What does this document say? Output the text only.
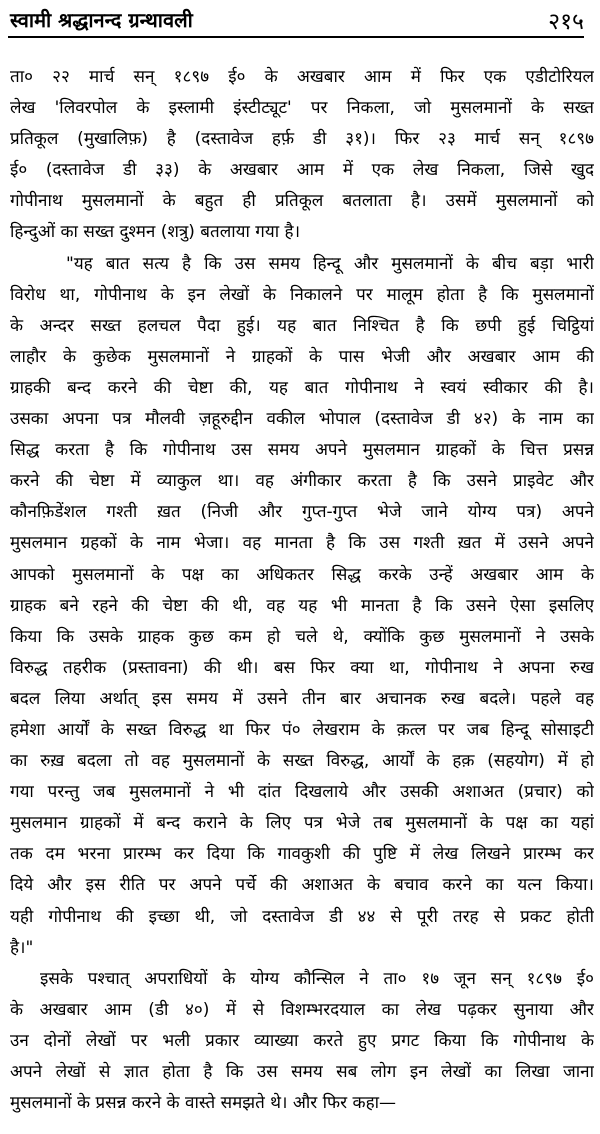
स्वामी श्रद्धानन्द ग्रन्थावली	२१५
ता० २२ मार्च सन् १८९७ ई० के अखबार आम में फिर एक एडीटोरियल
लेख 'लिवरपोल के इस्लामी इंस्टीट्यूट' पर निकला, जो मुसलमानों के सख्त
प्रतिकूल (मुखालिफ़) है (दस्तावेज हर्फ़ डी ३१)। फिर २३ मार्च सन् १८९७
ई० (दस्तावेज डी ३३) के अखबार आम में एक लेख निकला, जिसे खुद
गोपीनाथ मुसलमानों के बहुत ही प्रतिकूल बतलाता है। उसमें मुसलमानों को
हिन्दुओं का सख्त दुश्मन (शत्रु) बतलाया गया है।
"यह बात सत्य है कि उस समय हिन्दू और मुसलमानों के बीच बड़ा भारी
विरोध था, गोपीनाथ के इन लेखों के निकालने पर मालूम होता है कि मुसलमानों
के अन्दर सख्त हलचल पैदा हुई। यह बात निश्चित है कि छपी हुई चिट्ठियां
लाहौर के कुछेक मुसलमानों ने ग्राहकों के पास भेजी और अखबार आम की
ग्राहकी बन्द करने की चेष्टा की, यह बात गोपीनाथ ने स्वयं स्वीकार की है।
उसका अपना पत्र मौलवी ज़हूरुद्दीन वकील भोपाल (दस्तावेज डी ४२) के नाम का
सिद्ध करता है कि गोपीनाथ उस समय अपने मुसलमान ग्राहकों के चित्त प्रसन्न
करने की चेष्टा में व्याकुल था। वह अंगीकार करता है कि उसने प्राइवेट और
कौनफ़िडेंशल गश्ती ख़त (निजी और गुप्त-गुप्त भेजे जाने योग्य पत्र) अपने
मुसलमान ग्रहकों के नाम भेजा। वह मानता है कि उस गश्ती ख़त में उसने अपने
आपको मुसलमानों के पक्ष का अधिकतर सिद्ध करके उन्हें अखबार आम के
ग्राहक बने रहने की चेष्टा की थी, वह यह भी मानता है कि उसने ऐसा इसलिए
किया कि उसके ग्राहक कुछ कम हो चले थे, क्योंकि कुछ मुसलमानों ने उसके
विरुद्ध तहरीक (प्रस्तावना) की थी। बस फिर क्या था, गोपीनाथ ने अपना रुख
बदल लिया अर्थात् इस समय में उसने तीन बार अचानक रुख बदले। पहले वह
हमेशा आर्यों के सख्त विरुद्ध था फिर पं० लेखराम के क़त्ल पर जब हिन्दू सोसाइटी
का रुख़ बदला तो वह मुसलमानों के सख्त विरुद्ध, आर्यों के हक़ (सहयोग) में हो
गया परन्तु जब मुसलमानों ने भी दांत दिखलाये और उसकी अशाअत (प्रचार) को
मुसलमान ग्राहकों में बन्द कराने के लिए पत्र भेजे तब मुसलमानों के पक्ष का यहां
तक दम भरना प्रारम्भ कर दिया कि गावकुशी की पुष्टि में लेख लिखने प्रारम्भ कर
दिये और इस रीति पर अपने पर्चे की अशाअत के बचाव करने का यत्न किया।
यही गोपीनाथ की इच्छा थी, जो दस्तावेज डी ४४ से पूरी तरह से प्रकट होती
है।"
इसके पश्चात् अपराधियों के योग्य कौन्सिल ने ता० १७ जून सन् १८९७ ई०
के अखबार आम (डी ४०) में से विशम्भरदयाल का लेख पढ़कर सुनाया और
उन दोनों लेखों पर भली प्रकार व्याख्या करते हुए प्रगट किया कि गोपीनाथ के
अपने लेखों से ज्ञात होता है कि उस समय सब लोग इन लेखों का लिखा जाना
मुसलमानों के प्रसन्न करने के वास्ते समझते थे। और फिर कहा—
